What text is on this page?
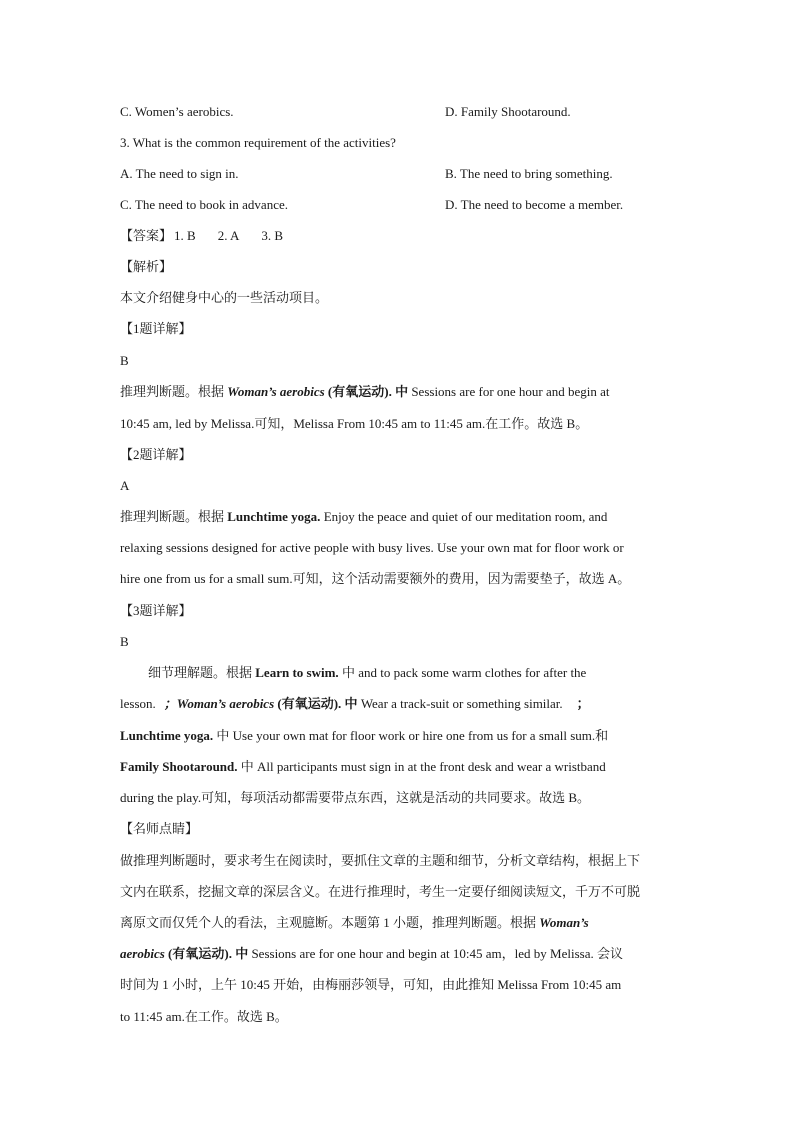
C. Women’s aerobics.	D. Family Shootaround.
3. What is the common requirement of the activities?
A. The need to sign in.	B. The need to bring something.
C. The need to book in advance.	D. The need to become a member.
【答案】 1. B 2. A 3. B
【解析】
本文介绍健身中心的一些活动项目。
【1题详解】
B
推理判断题。根据 Woman’s aerobics (有氧运动). 中 Sessions are for one hour and begin at
10:45 am, led by Melissa.可知，Melissa From 10:45 am to 11:45 am.在工作。故选 B。
【2题详解】
A
推理判断题。根据 Lunchtime yoga. Enjoy the peace and quiet of our meditation room, and
relaxing sessions designed for active people with busy lives. Use your own mat for floor work or
hire one from us for a small sum.可知，这个活动需要额外的费用，因为需要垫子，故选 A。
【3题详解】
B
细节理解题。根据 Learn to swim. 中 and to pack some warm clothes for after the
lesson. ；Woman’s aerobics (有氧运动). 中 Wear a track-suit or something similar. ；
Lunchtime yoga. 中 Use your own mat for floor work or hire one from us for a small sum.和
Family Shootaround. 中 All participants must sign in at the front desk and wear a wristband
during the play.可知，每项活动都需要带点东西，这就是活动的共同要求。故选 B。
【名师点睛】
做推理判断题时，要求考生在阅读时，要抓住文章的主题和细节，分析文章结构，根据上下
文内在联系，挖掘文章的深层含义。在进行推理时，考生一定要仔细阅读短文，千万不可脱
离原文而仅凭个人的看法，主观臆断。本题第 1 小题，推理判断题。根据 Woman’s
aerobics (有氧运动). 中 Sessions are for one hour and begin at 10:45 am，led by Melissa. 会议
时间为 1 小时，上午 10:45 开始，由梅丽莎领导，可知，由此推知 Melissa From 10:45 am
to 11:45 am.在工作。故选 B。
